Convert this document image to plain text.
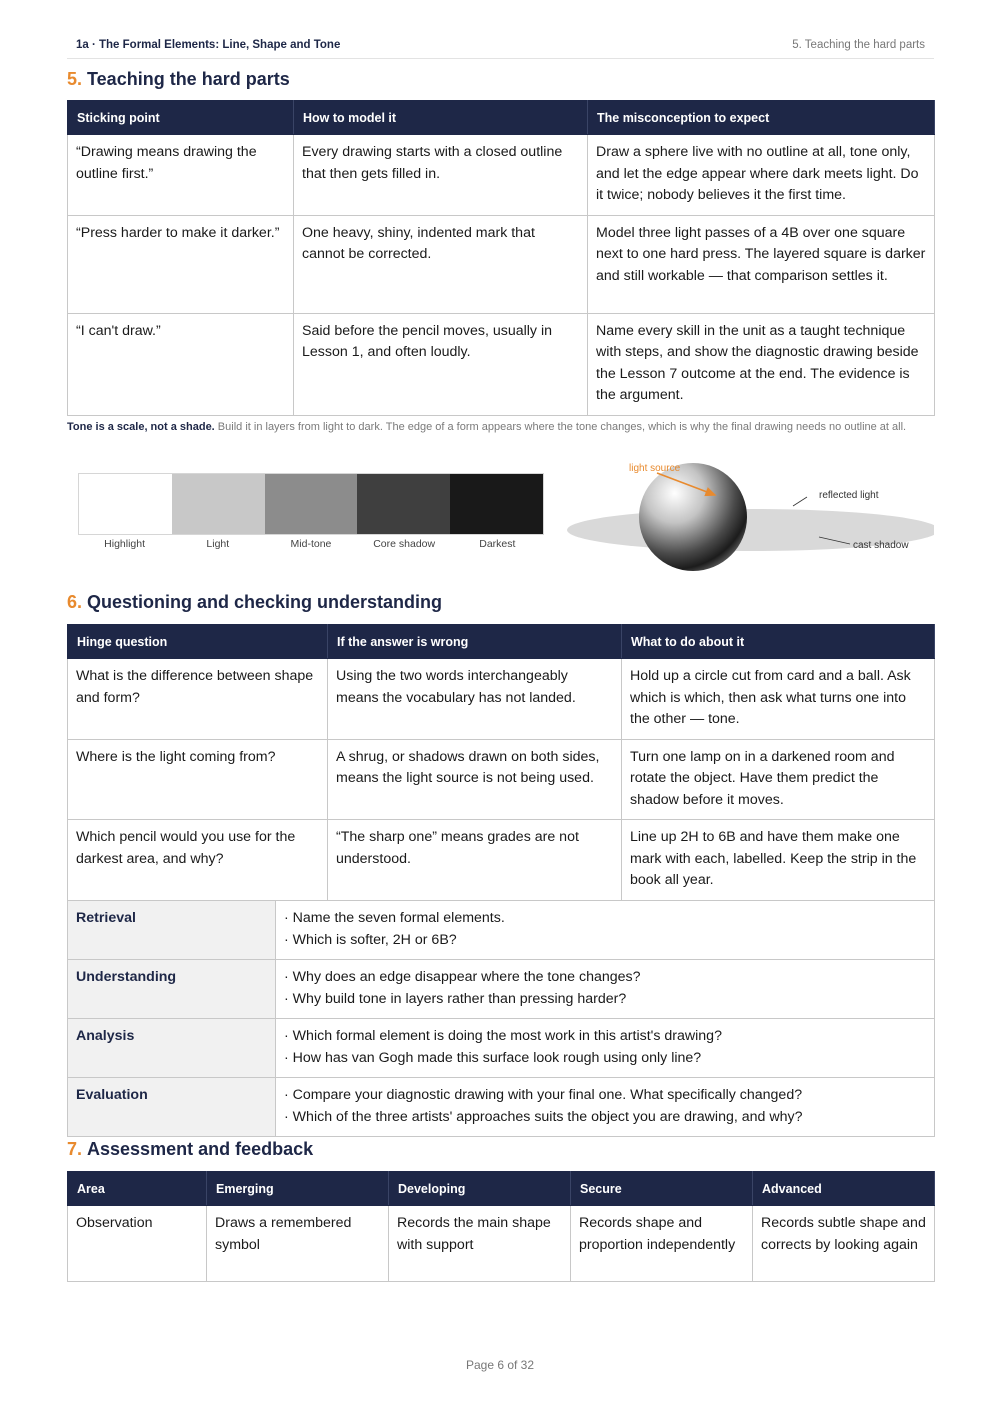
1a · The Formal Elements: Line, Shape and Tone	5. Teaching the hard parts
5. Teaching the hard parts
Sticking point	How to model it	The misconception to expect
“Drawing means drawing the outline first.”	Every drawing starts with a closed outline that then gets filled in.	Draw a sphere live with no outline at all, tone only, and let the edge appear where dark meets light. Do it twice; nobody believes it the first time.
“Press harder to make it darker.”	One heavy, shiny, indented mark that cannot be corrected.	Model three light passes of a 4B over one square next to one hard press. The layered square is darker and still workable — that comparison settles it.
“I can't draw.”	Said before the pencil moves, usually in Lesson 1, and often loudly.	Name every skill in the unit as a taught technique with steps, and show the diagnostic drawing beside the Lesson 7 outcome at the end. The evidence is the argument.
Tone is a scale, not a shade. Build it in layers from light to dark. The edge of a form appears where the tone changes, which is why the final drawing needs no outline at all.
Highlight	Light	Mid-tone	Core shadow	Darkest
light source
reflected light
cast shadow
6. Questioning and checking understanding
Hinge question	If the answer is wrong	What to do about it
What is the difference between shape and form?	Using the two words interchangeably means the vocabulary has not landed.	Hold up a circle cut from card and a ball. Ask which is which, then ask what turns one into the other — tone.
Where is the light coming from?	A shrug, or shadows drawn on both sides, means the light source is not being used.	Turn one lamp on in a darkened room and rotate the object. Have them predict the shadow before it moves.
Which pencil would you use for the darkest area, and why?	“The sharp one” means grades are not understood.	Line up 2H to 6B and have them make one mark with each, labelled. Keep the strip in the book all year.
Retrieval	· Name the seven formal elements.
· Which is softer, 2H or 6B?

Understanding	· Why does an edge disappear where the tone changes?
· Why build tone in layers rather than pressing harder?

Analysis	· Which formal element is doing the most work in this artist's drawing?
· How has van Gogh made this surface look rough using only line?

Evaluation	· Compare your diagnostic drawing with your final one. What specifically changed?
· Which of the three artists' approaches suits the object you are drawing, and why?
7. Assessment and feedback
Area	Emerging	Developing	Secure	Advanced
Observation	Draws a remembered symbol	Records the main shape with support	Records shape and proportion independently	Records subtle shape and corrects by looking again
Page 6 of 32
